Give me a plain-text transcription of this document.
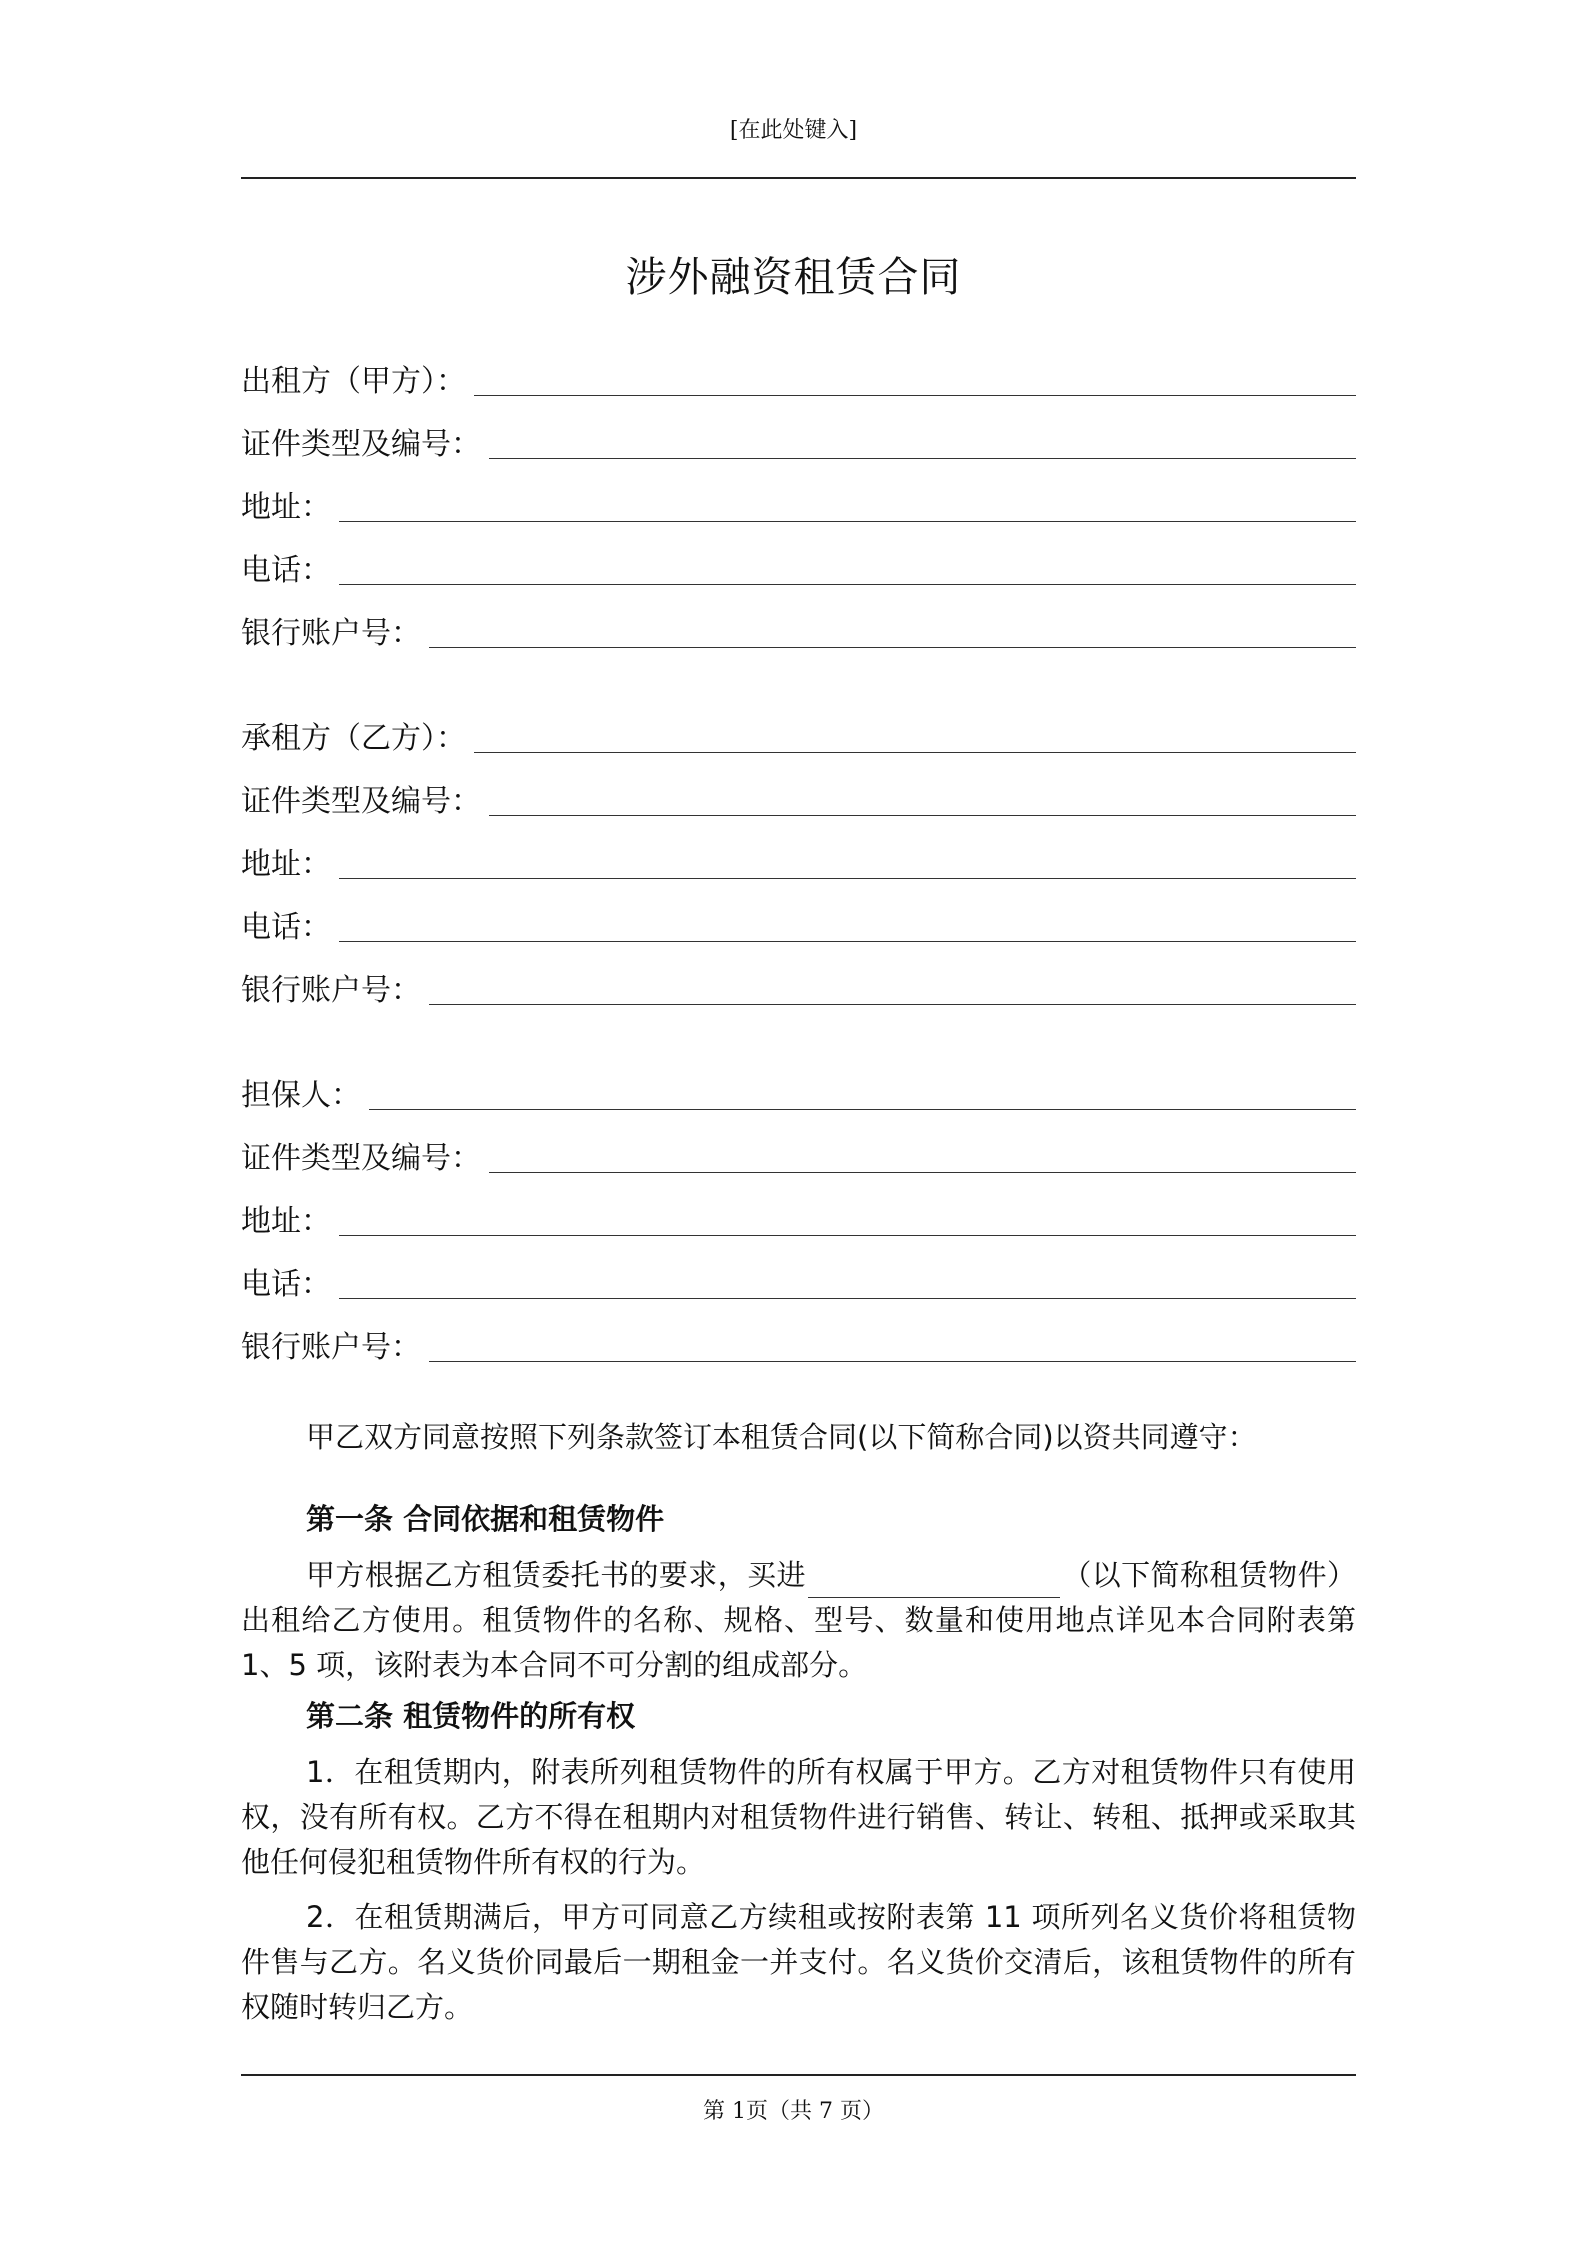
[在此处键入]
涉外融资租赁合同
出租方（甲方）：
证件类型及编号：
地址：
电话：
银行账户号：
承租方（乙方）：
证件类型及编号：
地址：
电话：
银行账户号：
担保人：
证件类型及编号：
地址：
电话：
银行账户号：

甲乙双方同意按照下列条款签订本租赁合同(以下简称合同)以资共同遵守：

第一条 合同依据和租赁物件

甲方根据乙方租赁委托书的要求，买进	（以下简称租赁物件）出租给乙方使用。租赁物件的名称、规格、型号、数量和使用地点详见本合同附表第 1、5 项，该附表为本合同不可分割的组成部分。

第二条 租赁物件的所有权

1．在租赁期内，附表所列租赁物件的所有权属于甲方。乙方对租赁物件只有使用权，没有所有权。乙方不得在租期内对租赁物件进行销售、转让、转租、抵押或采取其他任何侵犯租赁物件所有权的行为。

2．在租赁期满后，甲方可同意乙方续租或按附表第 11 项所列名义货价将租赁物件售与乙方。名义货价同最后一期租金一并支付。名义货价交清后，该租赁物件的所有权随时转归乙方。

第 1页（共 7 页）
